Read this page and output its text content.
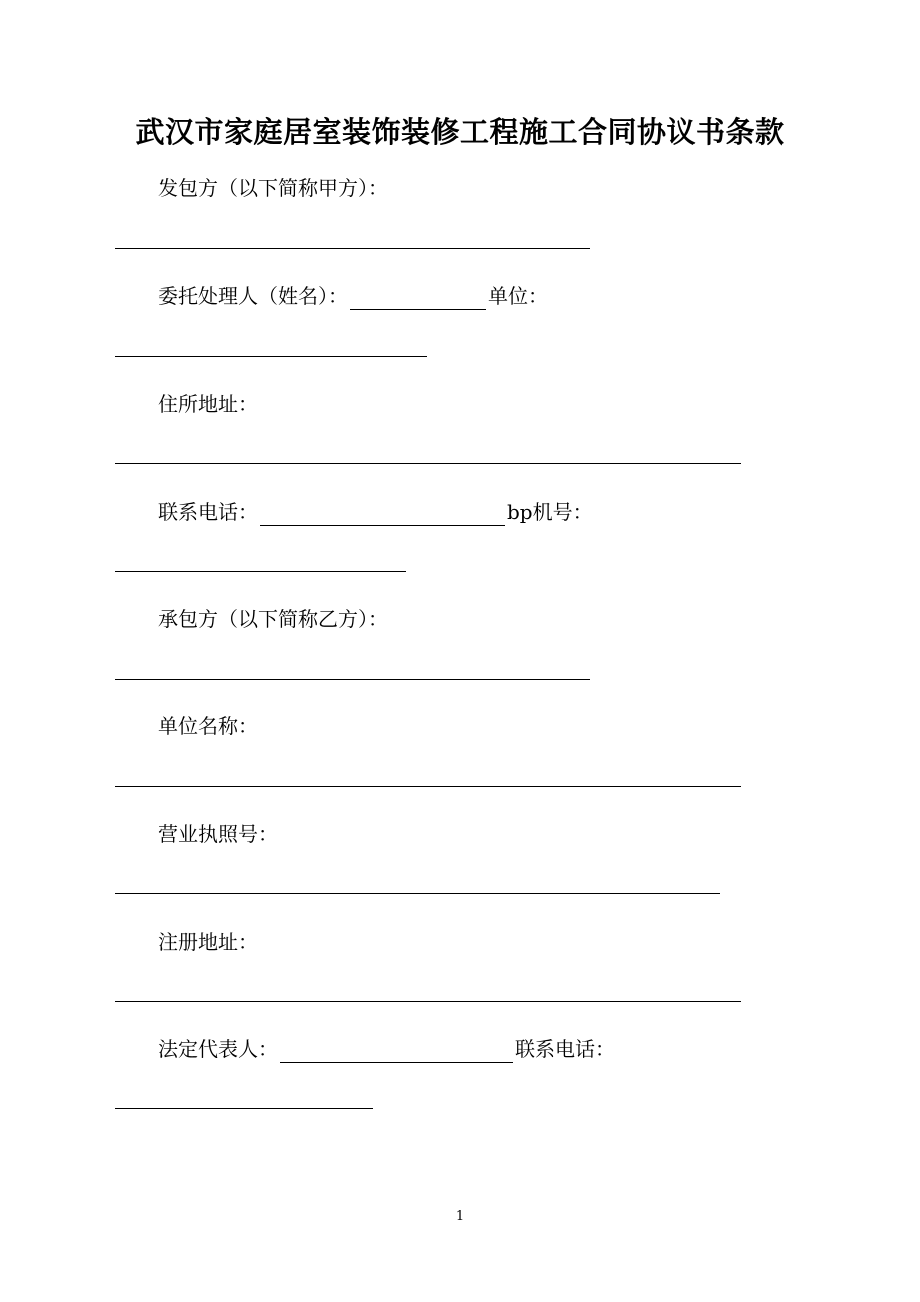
武汉市家庭居室装饰装修工程施工合同协议书条款
发包方（以下简称甲方）：
委托处理人（姓名）：	单位：
住所地址：
联系电话：	bp机号：
承包方（以下简称乙方）：
单位名称：
营业执照号：
注册地址：
法定代表人：	联系电话：
1
